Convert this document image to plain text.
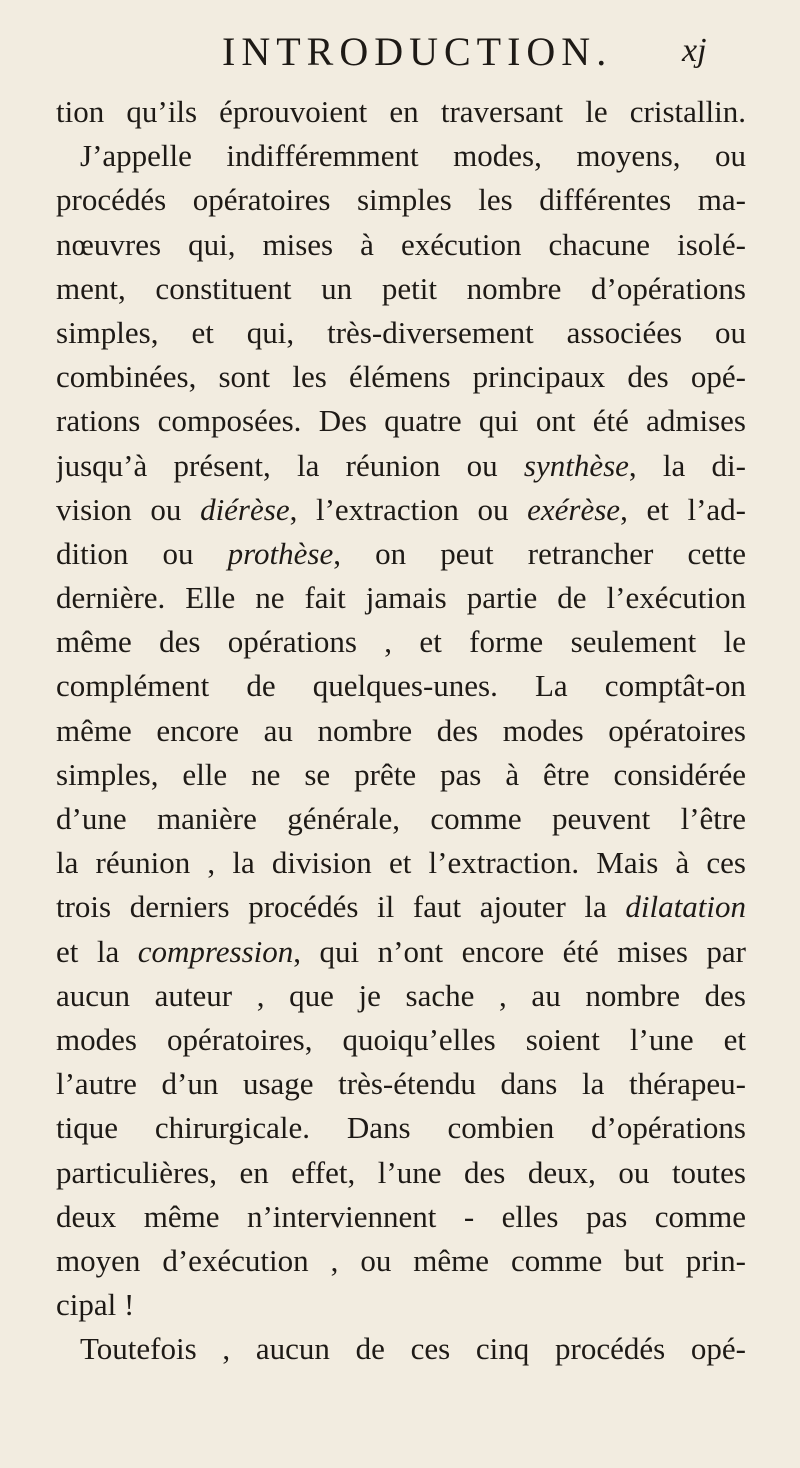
INTRODUCTION. xj
tion qu’ils éprouvoient en traversant le cristallin.
J’appelle indifféremment modes, moyens, ou
procédés opératoires simples les différentes ma-
nœuvres qui, mises à exécution chacune isolé-
ment, constituent un petit nombre d’opérations
simples, et qui, très-diversement associées ou
combinées, sont les élémens principaux des opé-
rations composées. Des quatre qui ont été admises
jusqu’à présent, la réunion ou synthèse, la di-
vision ou diérèse, l’extraction ou exérèse, et l’ad-
dition ou prothèse, on peut retrancher cette
dernière. Elle ne fait jamais partie de l’exécution
même des opérations , et forme seulement le
complément de quelques-unes. La comptât-on
même encore au nombre des modes opératoires
simples, elle ne se prête pas à être considérée
d’une manière générale, comme peuvent l’être
la réunion , la division et l’extraction. Mais à ces
trois derniers procédés il faut ajouter la dilatation
et la compression, qui n’ont encore été mises par
aucun auteur , que je sache , au nombre des
modes opératoires, quoiqu’elles soient l’une et
l’autre d’un usage très-étendu dans la thérapeu-
tique chirurgicale. Dans combien d’opérations
particulières, en effet, l’une des deux, ou toutes
deux même n’interviennent - elles pas comme
moyen d’exécution , ou même comme but prin-
cipal !
Toutefois , aucun de ces cinq procédés opé-
